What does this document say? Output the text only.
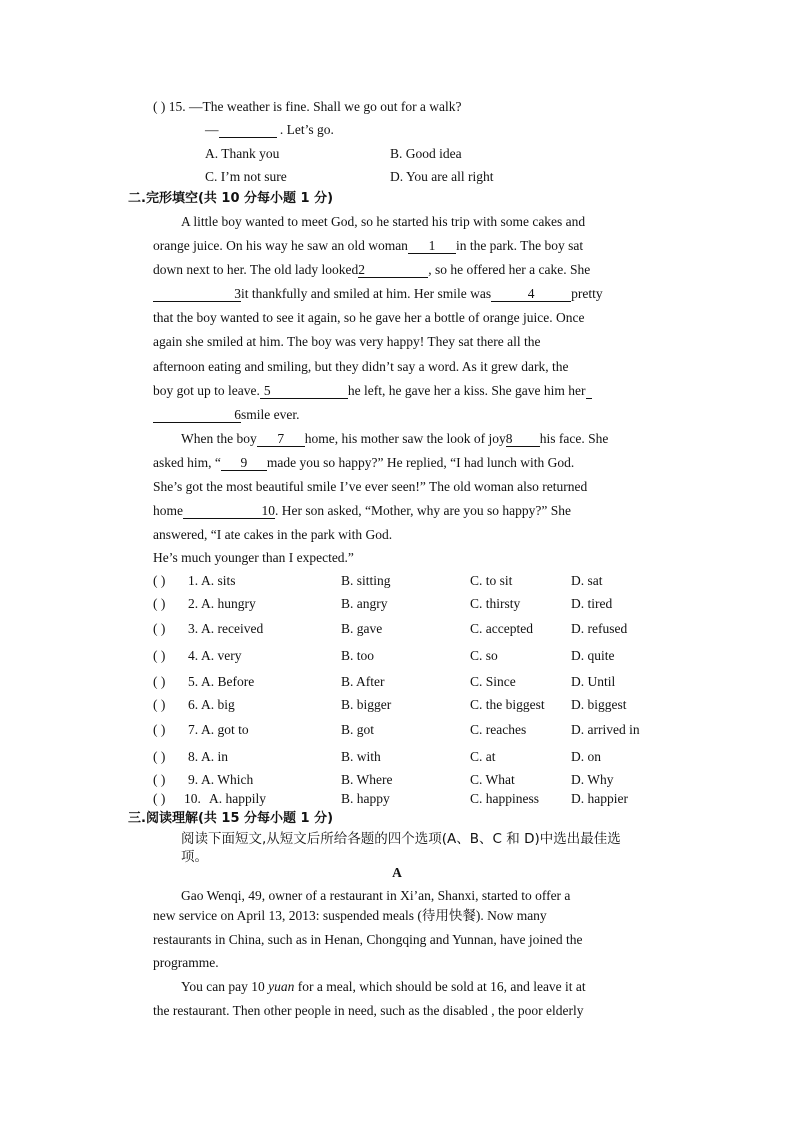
( ) 15. —The weather is fine. Shall we go out for a walk?
—	. Let’s go.
A. Thank you	B. Good idea
C. I’m not sure	D. You are all right
二.完形填空(共 10 分每小题 1 分)
A little boy wanted to meet God, so he started his trip with some cakes and
orange juice. On his way he saw an old woman 1 in the park. The boy sat
down next to her. The old lady looked2	, so he offered her a cake. She
3it thankfully and smiled at him. Her smile was	4	pretty
that the boy wanted to see it again, so he gave her a bottle of orange juice. Once
again she smiled at him. The boy was very happy! They sat there all the
afternoon eating and smiling, but they didn’t say a word. As it grew dark, the
boy got up to leave. 5	he left, he gave her a kiss. She gave him her
6smile ever.
When the boy 7 home, his mother saw the look of joy8 his face. She
asked him, “ 9 made you so happy?” He replied, “I had lunch with God.
She’s got the most beautiful smile I’ve ever seen!” The old woman also returned
home	10. Her son asked, “Mother, why are you so happy?” She
answered, “I ate cakes in the park with God.
He’s much younger than I expected.”
( ) 1. A. sits	B. sitting	C. to sit	D. sat
( ) 2. A. hungry	B. angry	C. thirsty	D. tired
( ) 3. A. received	B. gave	C. accepted	D. refused
( ) 4. A. very	B. too	C. so	D. quite
( ) 5. A. Before	B. After	C. Since	D. Until
( ) 6. A. big	B. bigger	C. the biggest D. biggest
( ) 7. A. got to	B. got	C. reaches	D. arrived in
( ) 8. A. in	B. with	C. at	D. on
( ) 9. A. Which	B. Where	C. What	D. Why
( ) 10. A. happily	B. happy	C. happiness D. happier
三.阅读理解(共 15 分每小题 1 分)
阅读下面短文,从短文后所给各题的四个选项(A、B、C 和 D)中选出最佳选
项。
A
Gao Wenqi, 49, owner of a restaurant in Xi’an, Shanxi, started to offer a
new service on April 13, 2013: suspended meals (待用快餐). Now many
restaurants in China, such as in Henan, Chongqing and Yunnan, have joined the
programme.
You can pay 10 yuan for a meal, which should be sold at 16, and leave it at
the restaurant. Then other people in need, such as the disabled , the poor elderly
